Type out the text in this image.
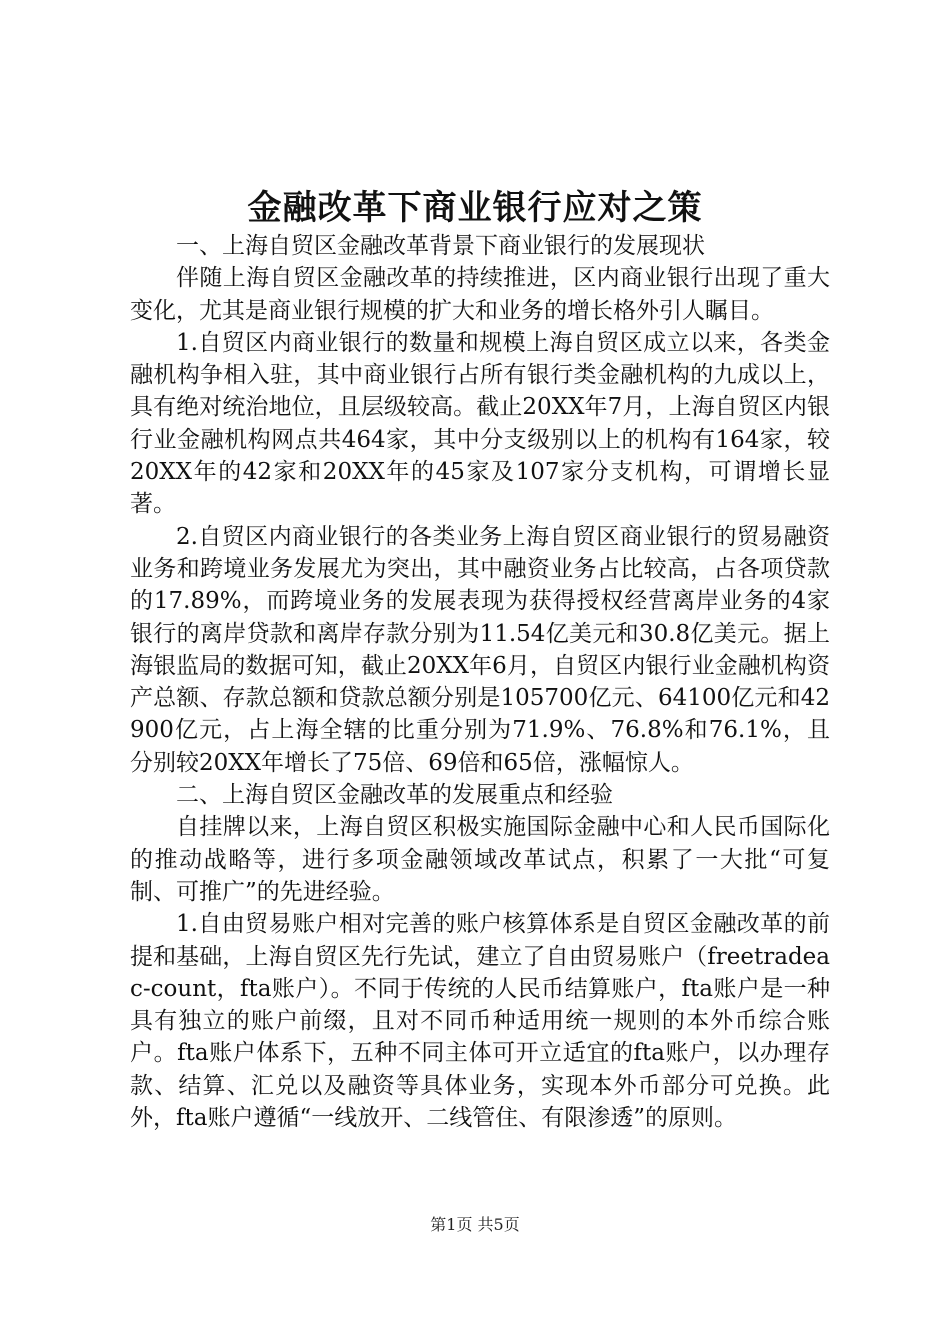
金融改革下商业银行应对之策

一、上海自贸区金融改革背景下商业银行的发展现状

伴随上海自贸区金融改革的持续推进，区内商业银行出现了重大变化，尤其是商业银行规模的扩大和业务的增长格外引人瞩目。

1.自贸区内商业银行的数量和规模上海自贸区成立以来，各类金融机构争相入驻，其中商业银行占所有银行类金融机构的九成以上，具有绝对统治地位，且层级较高。截止20XX年7月，上海自贸区内银行业金融机构网点共464家，其中分支级别以上的机构有164家，较20XX年的42家和20XX年的45家及107家分支机构，可谓增长显著。

2.自贸区内商业银行的各类业务上海自贸区商业银行的贸易融资业务和跨境业务发展尤为突出，其中融资业务占比较高，占各项贷款的17.89%，而跨境业务的发展表现为获得授权经营离岸业务的4家银行的离岸贷款和离岸存款分别为11.54亿美元和30.8亿美元。据上海银监局的数据可知，截止20XX年6月，自贸区内银行业金融机构资产总额、存款总额和贷款总额分别是105700亿元、64100亿元和42900亿元，占上海全辖的比重分别为71.9%、76.8%和76.1%，且分别较20XX年增长了75倍、69倍和65倍，涨幅惊人。

二、上海自贸区金融改革的发展重点和经验

自挂牌以来，上海自贸区积极实施国际金融中心和人民币国际化的推动战略等，进行多项金融领域改革试点，积累了一大批“可复制、可推广”的先进经验。

1.自由贸易账户相对完善的账户核算体系是自贸区金融改革的前提和基础，上海自贸区先行先试，建立了自由贸易账户（freetradeac-count，fta账户）。不同于传统的人民币结算账户，fta账户是一种具有独立的账户前缀，且对不同币种适用统一规则的本外币综合账户。fta账户体系下，五种不同主体可开立适宜的fta账户，以办理存款、结算、汇兑以及融资等具体业务，实现本外币部分可兑换。此外，fta账户遵循“一线放开、二线管住、有限渗透”的原则。

第1页 共5页
